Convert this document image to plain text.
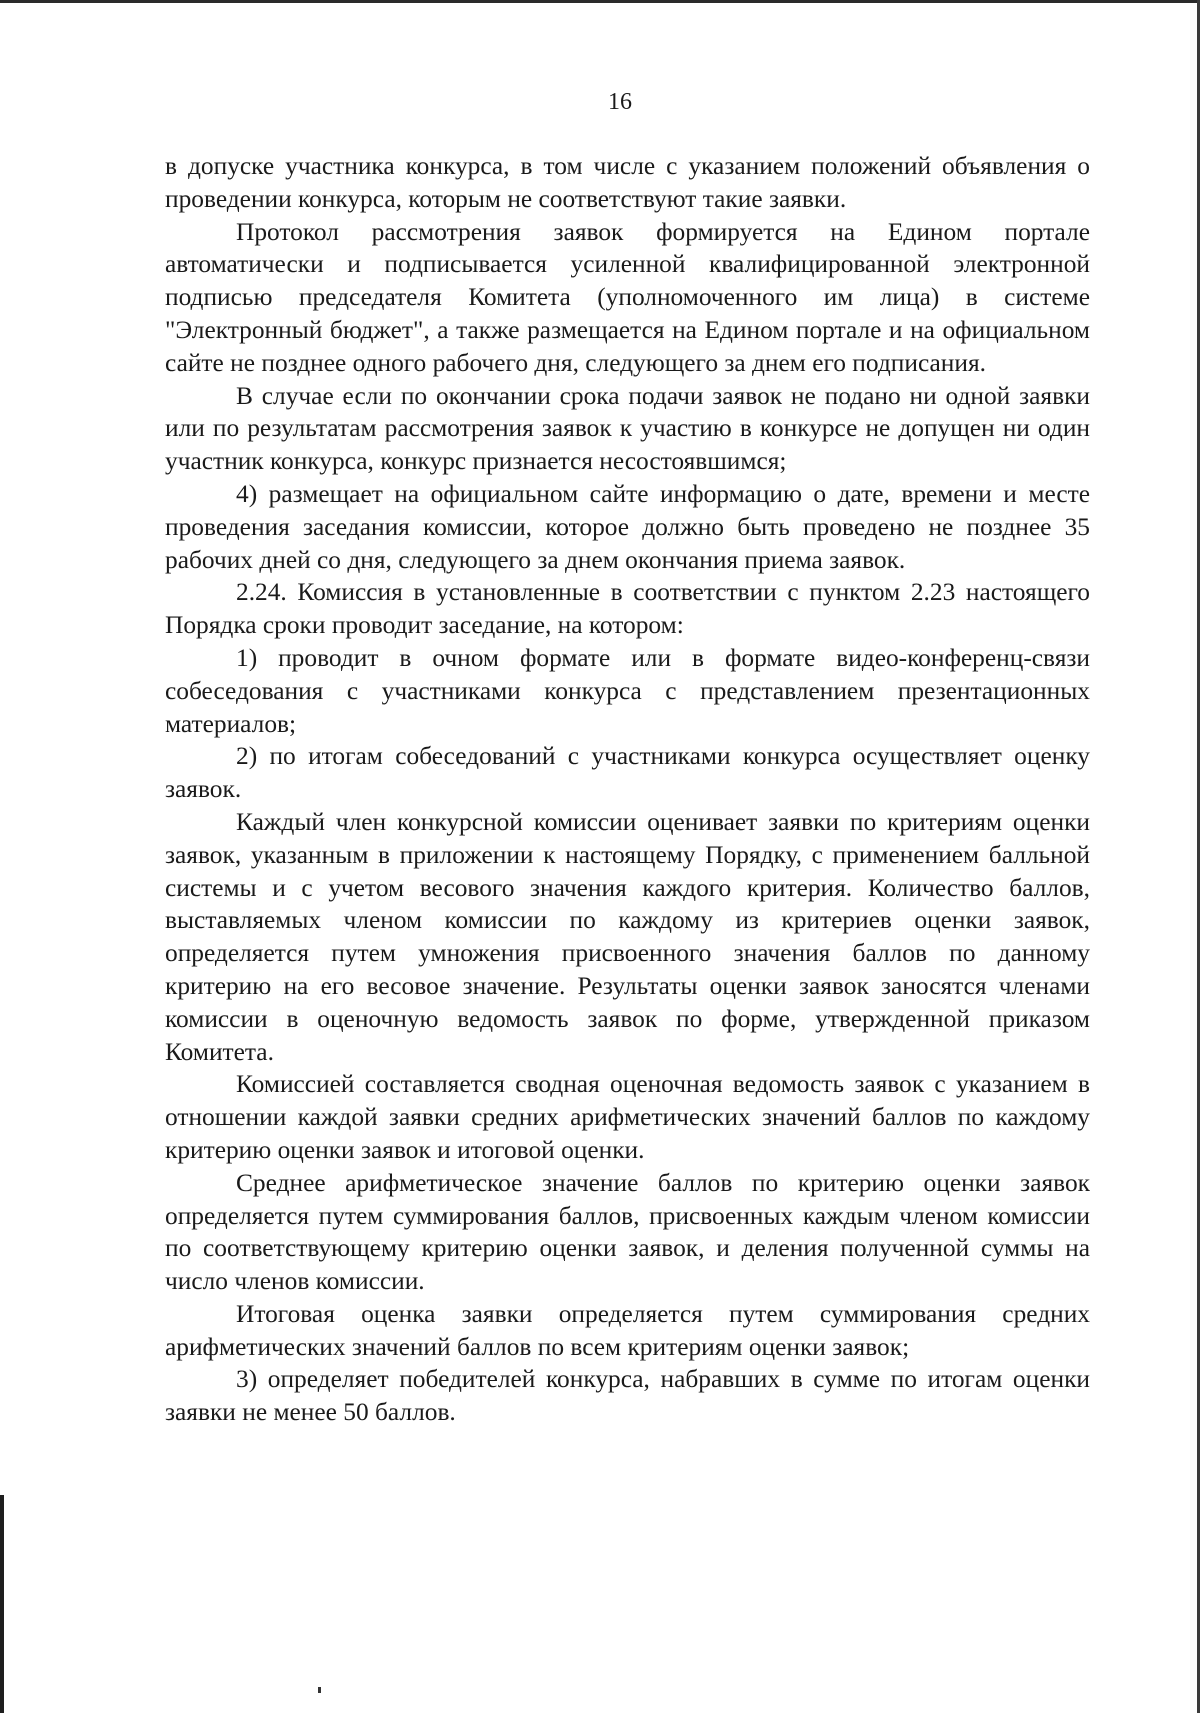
16

в допуске участника конкурса, в том числе с указанием положений объявления о проведении конкурса, которым не соответствуют такие заявки.

Протокол рассмотрения заявок формируется на Едином портале автоматически и подписывается усиленной квалифицированной электронной подписью председателя Комитета (уполномоченного им лица) в системе "Электронный бюджет", а также размещается на Едином портале и на официальном сайте не позднее одного рабочего дня, следующего за днем его подписания.

В случае если по окончании срока подачи заявок не подано ни одной заявки или по результатам рассмотрения заявок к участию в конкурсе не допущен ни один участник конкурса, конкурс признается несостоявшимся;

4) размещает на официальном сайте информацию о дате, времени и месте проведения заседания комиссии, которое должно быть проведено не позднее 35 рабочих дней со дня, следующего за днем окончания приема заявок.

2.24. Комиссия в установленные в соответствии с пунктом 2.23 настоящего Порядка сроки проводит заседание, на котором:

1) проводит в очном формате или в формате видео-конференц-связи собеседования с участниками конкурса с представлением презентационных материалов;

2) по итогам собеседований с участниками конкурса осуществляет оценку заявок.

Каждый член конкурсной комиссии оценивает заявки по критериям оценки заявок, указанным в приложении к настоящему Порядку, с применением балльной системы и с учетом весового значения каждого критерия. Количество баллов, выставляемых членом комиссии по каждому из критериев оценки заявок, определяется путем умножения присвоенного значения баллов по данному критерию на его весовое значение. Результаты оценки заявок заносятся членами комиссии в оценочную ведомость заявок по форме, утвержденной приказом Комитета.

Комиссией составляется сводная оценочная ведомость заявок с указанием в отношении каждой заявки средних арифметических значений баллов по каждому критерию оценки заявок и итоговой оценки.

Среднее арифметическое значение баллов по критерию оценки заявок определяется путем суммирования баллов, присвоенных каждым членом комиссии по соответствующему критерию оценки заявок, и деления полученной суммы на число членов комиссии.

Итоговая оценка заявки определяется путем суммирования средних арифметических значений баллов по всем критериям оценки заявок;

3) определяет победителей конкурса, набравших в сумме по итогам оценки заявки не менее 50 баллов.
